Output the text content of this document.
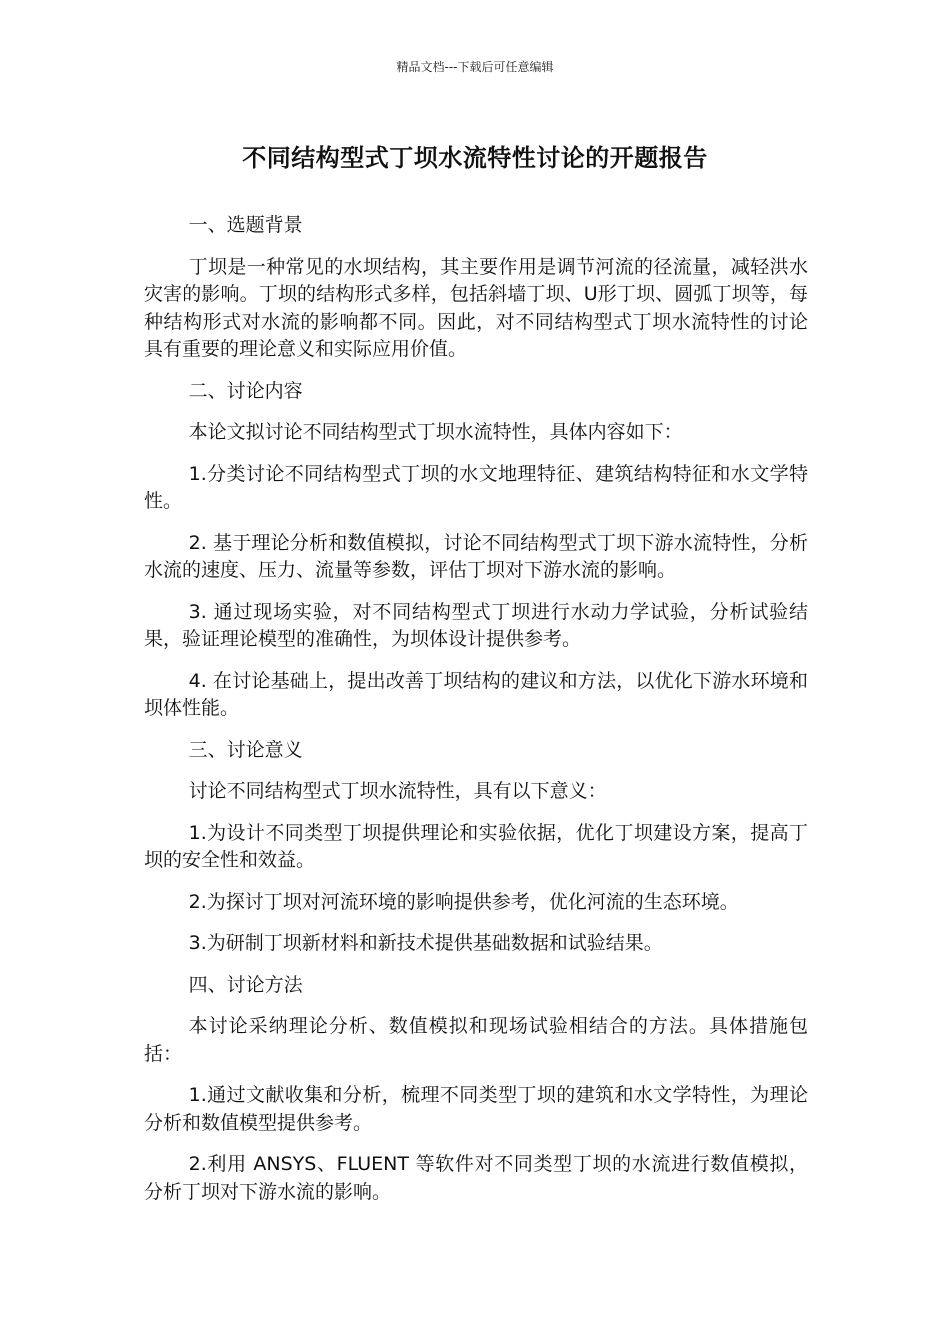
精品文档---下载后可任意编辑
不同结构型式丁坝水流特性讨论的开题报告

一、选题背景

丁坝是一种常见的水坝结构，其主要作用是调节河流的径流量，减轻洪水灾害的影响。丁坝的结构形式多样，包括斜墙丁坝、U形丁坝、圆弧丁坝等，每种结构形式对水流的影响都不同。因此，对不同结构型式丁坝水流特性的讨论具有重要的理论意义和实际应用价值。

二、讨论内容

本论文拟讨论不同结构型式丁坝水流特性，具体内容如下：

1.分类讨论不同结构型式丁坝的水文地理特征、建筑结构特征和水文学特性。

2. 基于理论分析和数值模拟，讨论不同结构型式丁坝下游水流特性，分析水流的速度、压力、流量等参数，评估丁坝对下游水流的影响。

3. 通过现场实验，对不同结构型式丁坝进行水动力学试验，分析试验结果，验证理论模型的准确性，为坝体设计提供参考。

4. 在讨论基础上，提出改善丁坝结构的建议和方法，以优化下游水环境和坝体性能。

三、讨论意义

讨论不同结构型式丁坝水流特性，具有以下意义：

1.为设计不同类型丁坝提供理论和实验依据，优化丁坝建设方案，提高丁坝的安全性和效益。

2.为探讨丁坝对河流环境的影响提供参考，优化河流的生态环境。

3.为研制丁坝新材料和新技术提供基础数据和试验结果。

四、讨论方法

本讨论采纳理论分析、数值模拟和现场试验相结合的方法。具体措施包括：

1.通过文献收集和分析，梳理不同类型丁坝的建筑和水文学特性，为理论分析和数值模型提供参考。

2.利用 ANSYS、FLUENT 等软件对不同类型丁坝的水流进行数值模拟，分析丁坝对下游水流的影响。
